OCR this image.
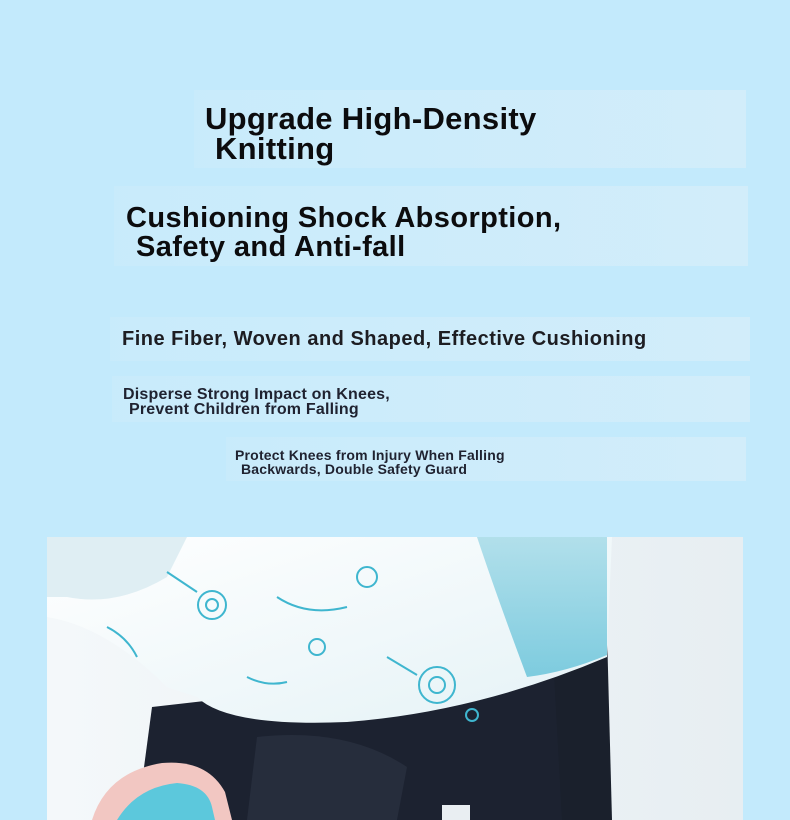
Upgrade High-Density
Knitting
Cushioning Shock Absorption,
Safety and Anti-fall

Fine Fiber, Woven and Shaped, Effective Cushioning

Disperse Strong Impact on Knees,
Prevent Children from Falling

Protect Knees from Injury When Falling
Backwards, Double Safety Guard
